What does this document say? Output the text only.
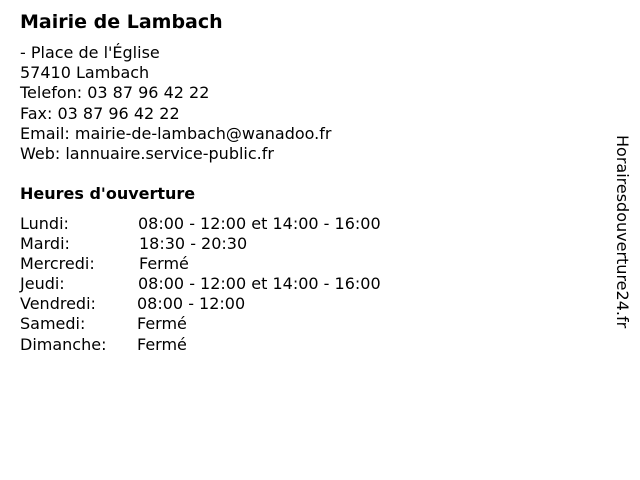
Mairie de Lambach
- Place de l'Église
57410 Lambach
Telefon: 03 87 96 42 22
Fax: 03 87 96 42 22
Email: mairie-de-lambach@wanadoo.fr
Web: lannuaire.service-public.fr
Heures d'ouverture
Lundi:	08:00 - 12:00 et 14:00 - 16:00
Mardi:	18:30 - 20:30
Mercredi:	Fermé
Jeudi:	08:00 - 12:00 et 14:00 - 16:00
Vendredi:	08:00 - 12:00
Samedi:	Fermé
Dimanche:	Fermé
Horairesdouverture24.fr
